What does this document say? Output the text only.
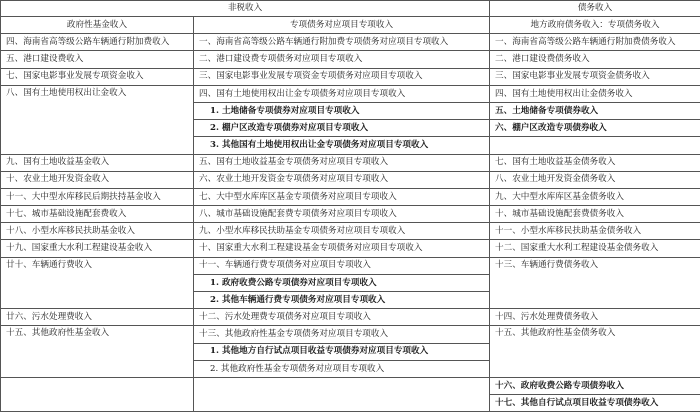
非税收入		债务收入
政府性基金收入	专项债务对应项目专项收入	地方政府债务收入：专项债务收入
四、海南省高等级公路车辆通行附加费收入	一、海南省高等级公路车辆通行附加费专项债务对应项目专项收入	一、海南省高等级公路车辆通行附加费债务收入
五、港口建设费收入	二、港口建设费专项债务对应项目专项收入	二、港口建设费债务收入
七、国家电影事业发展专项资金收入	三、国家电影事业发展专项资金专项债务对应项目专项收入	三、国家电影事业发展专项资金债务收入
八、国有土地使用权出让金收入	四、国有土地使用权出让金专项债务对应项目专项收入	四、国有土地使用权出让金债务收入
	1. 土地储备专项债券对应项目专项收入	五、土地储备专项债券收入
	2. 棚户区改造专项债券对应项目专项收入	六、棚户区改造专项债券收入
	3. 其他国有土地使用权出让金专项债务对应项目专项收入	
九、国有土地收益基金收入	五、国有土地收益基金专项债务对应项目专项收入	七、国有土地收益基金债务收入
十、农业土地开发资金收入	六、农业土地开发资金专项债务对应项目专项收入	八、农业土地开发资金债务收入
十一、大中型水库移民后期扶持基金收入	七、大中型水库库区基金专项债务对应项目专项收入	九、大中型水库库区基金债务收入
十七、城市基础设施配套费收入	八、城市基础设施配套费专项债务对应项目专项收入	十、城市基础设施配套费债务收入
十八、小型水库移民扶助基金收入	九、小型水库移民扶助基金专项债务对应项目专项收入	十一、小型水库移民扶助基金债务收入
十九、国家重大水利工程建设基金收入	十、国家重大水利工程建设基金专项债务对应项目专项收入	十二、国家重大水利工程建设基金债务收入
廿十、车辆通行费收入	十一、车辆通行费专项债务对应项目专项收入	十三、车辆通行费债务收入
	1. 政府收费公路专项债券对应项目专项收入	
	2. 其他车辆通行费专项债务对应项目专项收入	
廿六、污水处理费收入	十二、污水处理费专项债务对应项目专项收入	十四、污水处理费债务收入
十五、其他政府性基金收入	十三、其他政府性基金专项债务对应项目专项收入	十五、其他政府性基金债务收入
	1. 其他地方自行试点项目收益专项债券对应项目专项收入	
	2. 其他政府性基金专项债务对应项目专项收入	
		十六、政府收费公路专项债券收入
		十七、其他自行试点项目收益专项债券收入
